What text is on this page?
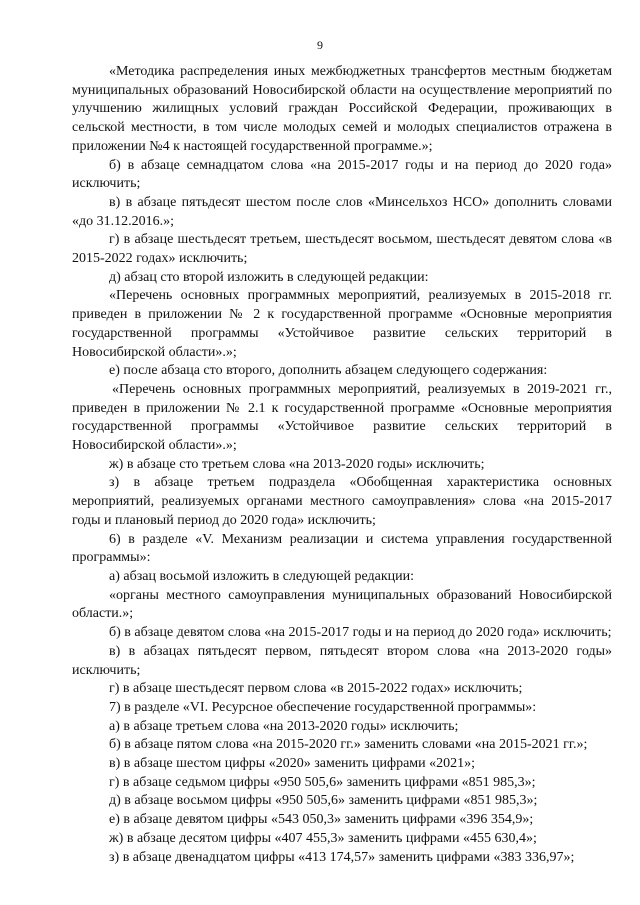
9

«Методика распределения иных межбюджетных трансфертов местным бюджетам муниципальных образований Новосибирской области на осуществление мероприятий по улучшению жилищных условий граждан Российской Федерации, проживающих в сельской местности, в том числе молодых семей и молодых специалистов отражена в приложении №4 к настоящей государственной программе.»;

б) в абзаце семнадцатом слова «на 2015-2017 годы и на период до 2020 года» исключить;

в) в абзаце пятьдесят шестом после слов «Минсельхоз НСО» дополнить словами «до 31.12.2016.»;

г) в абзаце шестьдесят третьем, шестьдесят восьмом, шестьдесят девятом слова «в 2015-2022 годах» исключить;

д) абзац сто второй изложить в следующей редакции:

«Перечень основных программных мероприятий, реализуемых в 2015-2018 гг. приведен в приложении № 2 к государственной программе «Основные мероприятия государственной программы «Устойчивое развитие сельских территорий в Новосибирской области».»;

е) после абзаца сто второго, дополнить абзацем следующего содержания:

«Перечень основных программных мероприятий, реализуемых в 2019-2021 гг., приведен в приложении № 2.1 к государственной программе «Основные мероприятия государственной программы «Устойчивое развитие сельских территорий в Новосибирской области».»;

ж) в абзаце сто третьем слова «на 2013-2020 годы» исключить;

з) в абзаце третьем подраздела «Обобщенная характеристика основных мероприятий, реализуемых органами местного самоуправления» слова «на 2015-2017 годы и плановый период до 2020 года» исключить;

6) в разделе «V. Механизм реализации и система управления государственной программы»:

а) абзац восьмой изложить в следующей редакции:

«органы местного самоуправления муниципальных образований Новосибирской области.»;

б) в абзаце девятом слова «на 2015-2017 годы и на период до 2020 года» исключить;

в) в абзацах пятьдесят первом, пятьдесят втором слова «на 2013-2020 годы» исключить;

г) в абзаце шестьдесят первом слова «в 2015-2022 годах» исключить;

7) в разделе «VI. Ресурсное обеспечение государственной программы»:

а) в абзаце третьем слова «на 2013-2020 годы» исключить;

б) в абзаце пятом слова «на 2015-2020 гг.» заменить словами «на 2015-2021 гг.»;

в) в абзаце шестом цифры «2020» заменить цифрами «2021»;

г) в абзаце седьмом цифры «950 505,6» заменить цифрами «851 985,3»;

д) в абзаце восьмом цифры «950 505,6» заменить цифрами «851 985,3»;

е) в абзаце девятом цифры «543 050,3» заменить цифрами «396 354,9»;

ж) в абзаце десятом цифры «407 455,3» заменить цифрами «455 630,4»;

з) в абзаце двенадцатом цифры «413 174,57» заменить цифрами «383 336,97»;
